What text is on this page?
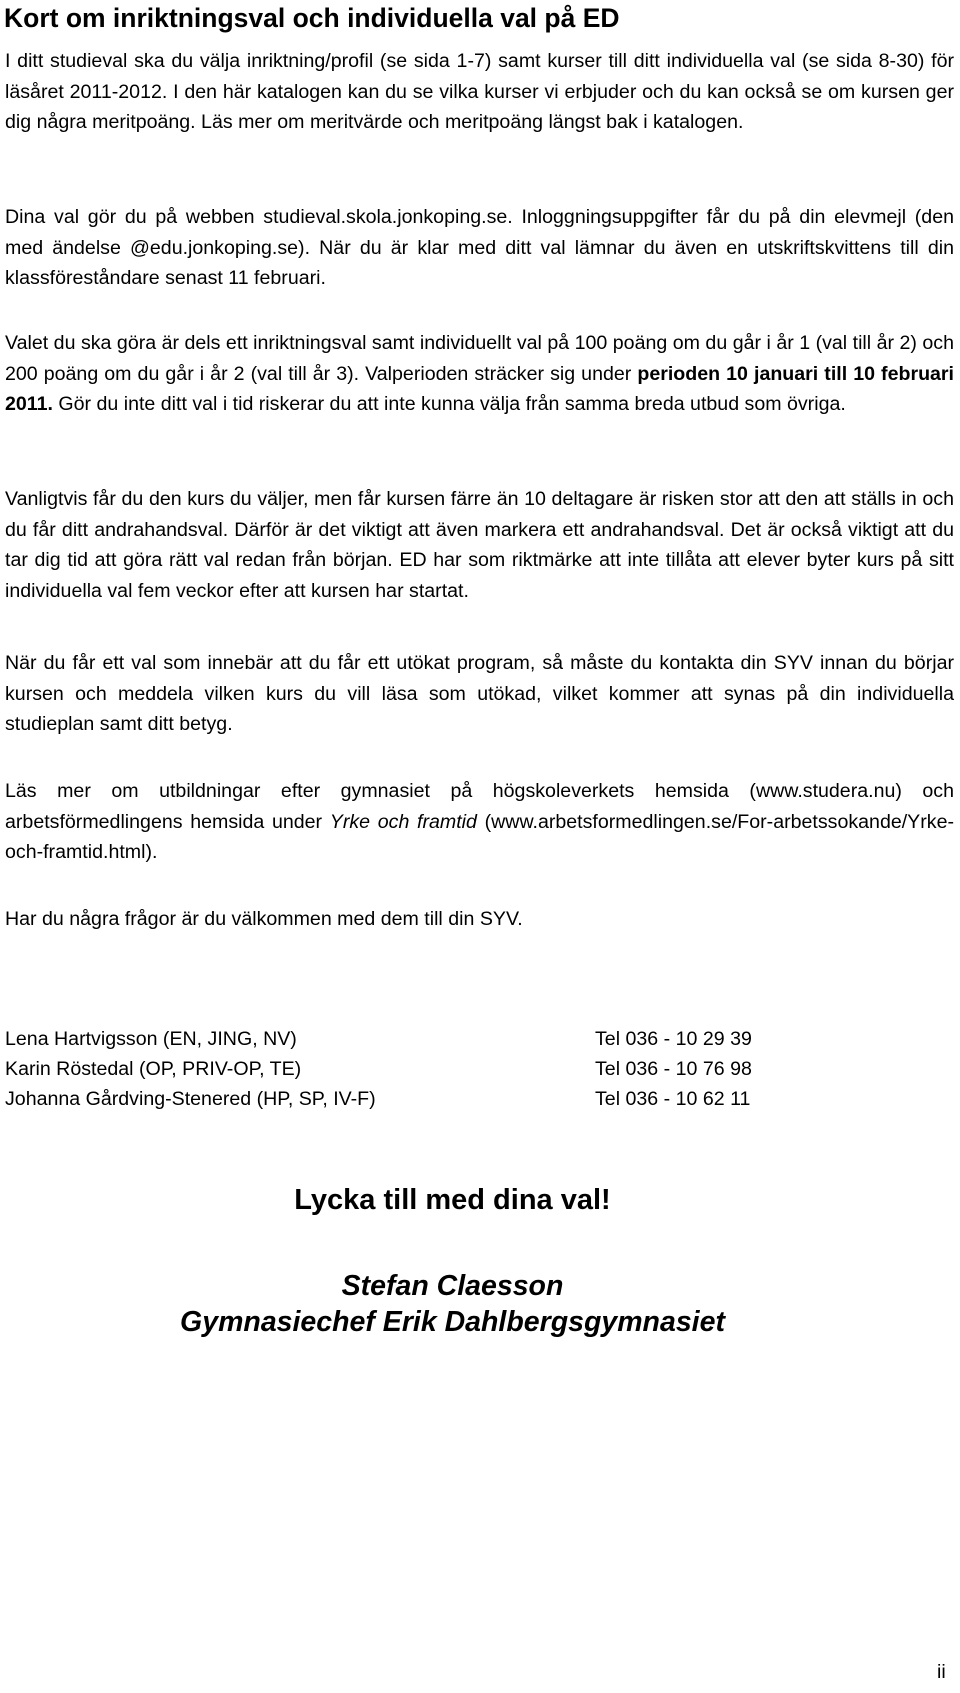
Kort om inriktningsval och individuella val på ED

I ditt studieval ska du välja inriktning/profil (se sida 1-7) samt kurser till ditt individuella val (se sida 8-30) för läsåret 2011-2012. I den här katalogen kan du se vilka kurser vi erbjuder och du kan också se om kursen ger dig några meritpoäng. Läs mer om meritvärde och meritpoäng längst bak i katalogen.

Dina val gör du på webben studieval.skola.jonkoping.se. Inloggningsuppgifter får du på din elevmejl (den med ändelse @edu.jonkoping.se). När du är klar med ditt val lämnar du även en utskriftskvittens till din klassföreståndare senast 11 februari.

Valet du ska göra är dels ett inriktningsval samt individuellt val på 100 poäng om du går i år 1 (val till år 2) och 200 poäng om du går i år 2 (val till år 3). Valperioden sträcker sig under perioden 10 januari till 10 februari 2011. Gör du inte ditt val i tid riskerar du att inte kunna välja från samma breda utbud som övriga.

Vanligtvis får du den kurs du väljer, men får kursen färre än 10 deltagare är risken stor att den att ställs in och du får ditt andrahandsval. Därför är det viktigt att även markera ett andrahandsval. Det är också viktigt att du tar dig tid att göra rätt val redan från början. ED har som riktmärke att inte tillåta att elever byter kurs på sitt individuella val fem veckor efter att kursen har startat.

När du får ett val som innebär att du får ett utökat program, så måste du kontakta din SYV innan du börjar kursen och meddela vilken kurs du vill läsa som utökad, vilket kommer att synas på din individuella studieplan samt ditt betyg.

Läs mer om utbildningar efter gymnasiet på högskoleverkets hemsida (www.studera.nu) och arbetsförmedlingens hemsida under Yrke och framtid (www.arbetsformedlingen.se/For-arbetssokande/Yrke-och-framtid.html).

Har du några frågor är du välkommen med dem till din SYV.

Lena Hartvigsson (EN, JING, NV)	Tel 036 - 10 29 39
Karin Röstedal (OP, PRIV-OP, TE)	Tel 036 - 10 76 98
Johanna Gårdving-Stenered (HP, SP, IV-F)	Tel 036 - 10 62 11
Lycka till med dina val!
Stefan Claesson
Gymnasiechef Erik Dahlbergsgymnasiet
ii
